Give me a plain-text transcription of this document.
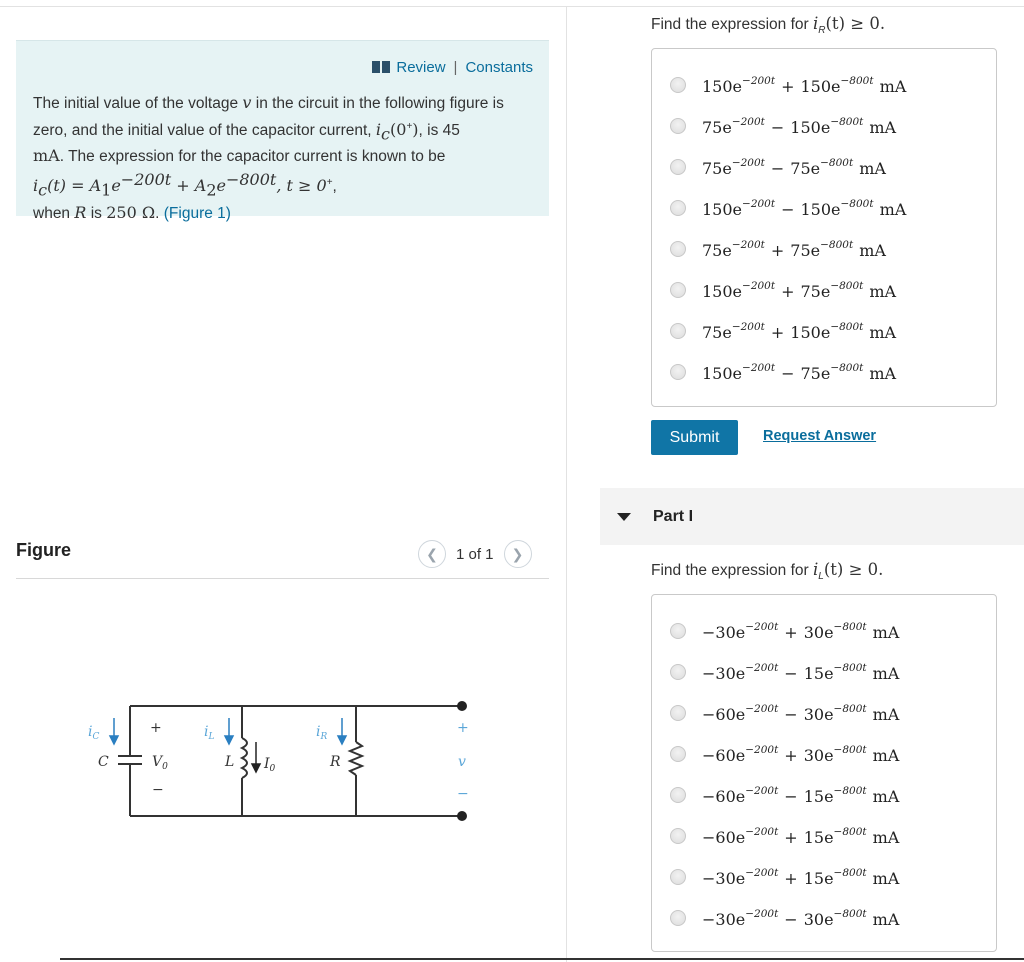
Review | Constants
The initial value of the voltage v in the circuit in the following figure is
zero, and the initial value of the capacitor current, $i_c(0^+)$, is 45
mA. The expression for the capacitor current is known to be
$i_c(t) = A_1e^{-200t} + A_2e^{-800t}$, t ≥ 0+,
when R is 250 Ω. (Figure 1)
Figure	❮	1 of 1	❯
$i_C$
C
+
$V_0$
−
$i_L$
L $I_0$
$i_R$
R
+
v
−
Find the expression for $i_R(t) \ge 0$.
$150e^{-200t} + 150e^{-800t}$ mA
$75e^{-200t} - 150e^{-800t}$ mA
$75e^{-200t} - 75e^{-800t}$ mA
$150e^{-200t} - 150e^{-800t}$ mA
$75e^{-200t} + 75e^{-800t}$ mA
$150e^{-200t} + 75e^{-800t}$ mA
$75e^{-200t} + 150e^{-800t}$ mA
$150e^{-200t} - 75e^{-800t}$ mA
Submit	Request Answer
Part I
Find the expression for $i_L(t) \ge 0$.
$-30e^{-200t} + 30e^{-800t}$ mA
$-30e^{-200t} - 15e^{-800t}$ mA
$-60e^{-200t} - 30e^{-800t}$ mA
$-60e^{-200t} + 30e^{-800t}$ mA
$-60e^{-200t} - 15e^{-800t}$ mA
$-60e^{-200t} + 15e^{-800t}$ mA
$-30e^{-200t} + 15e^{-800t}$ mA
$-30e^{-200t} - 30e^{-800t}$ mA
